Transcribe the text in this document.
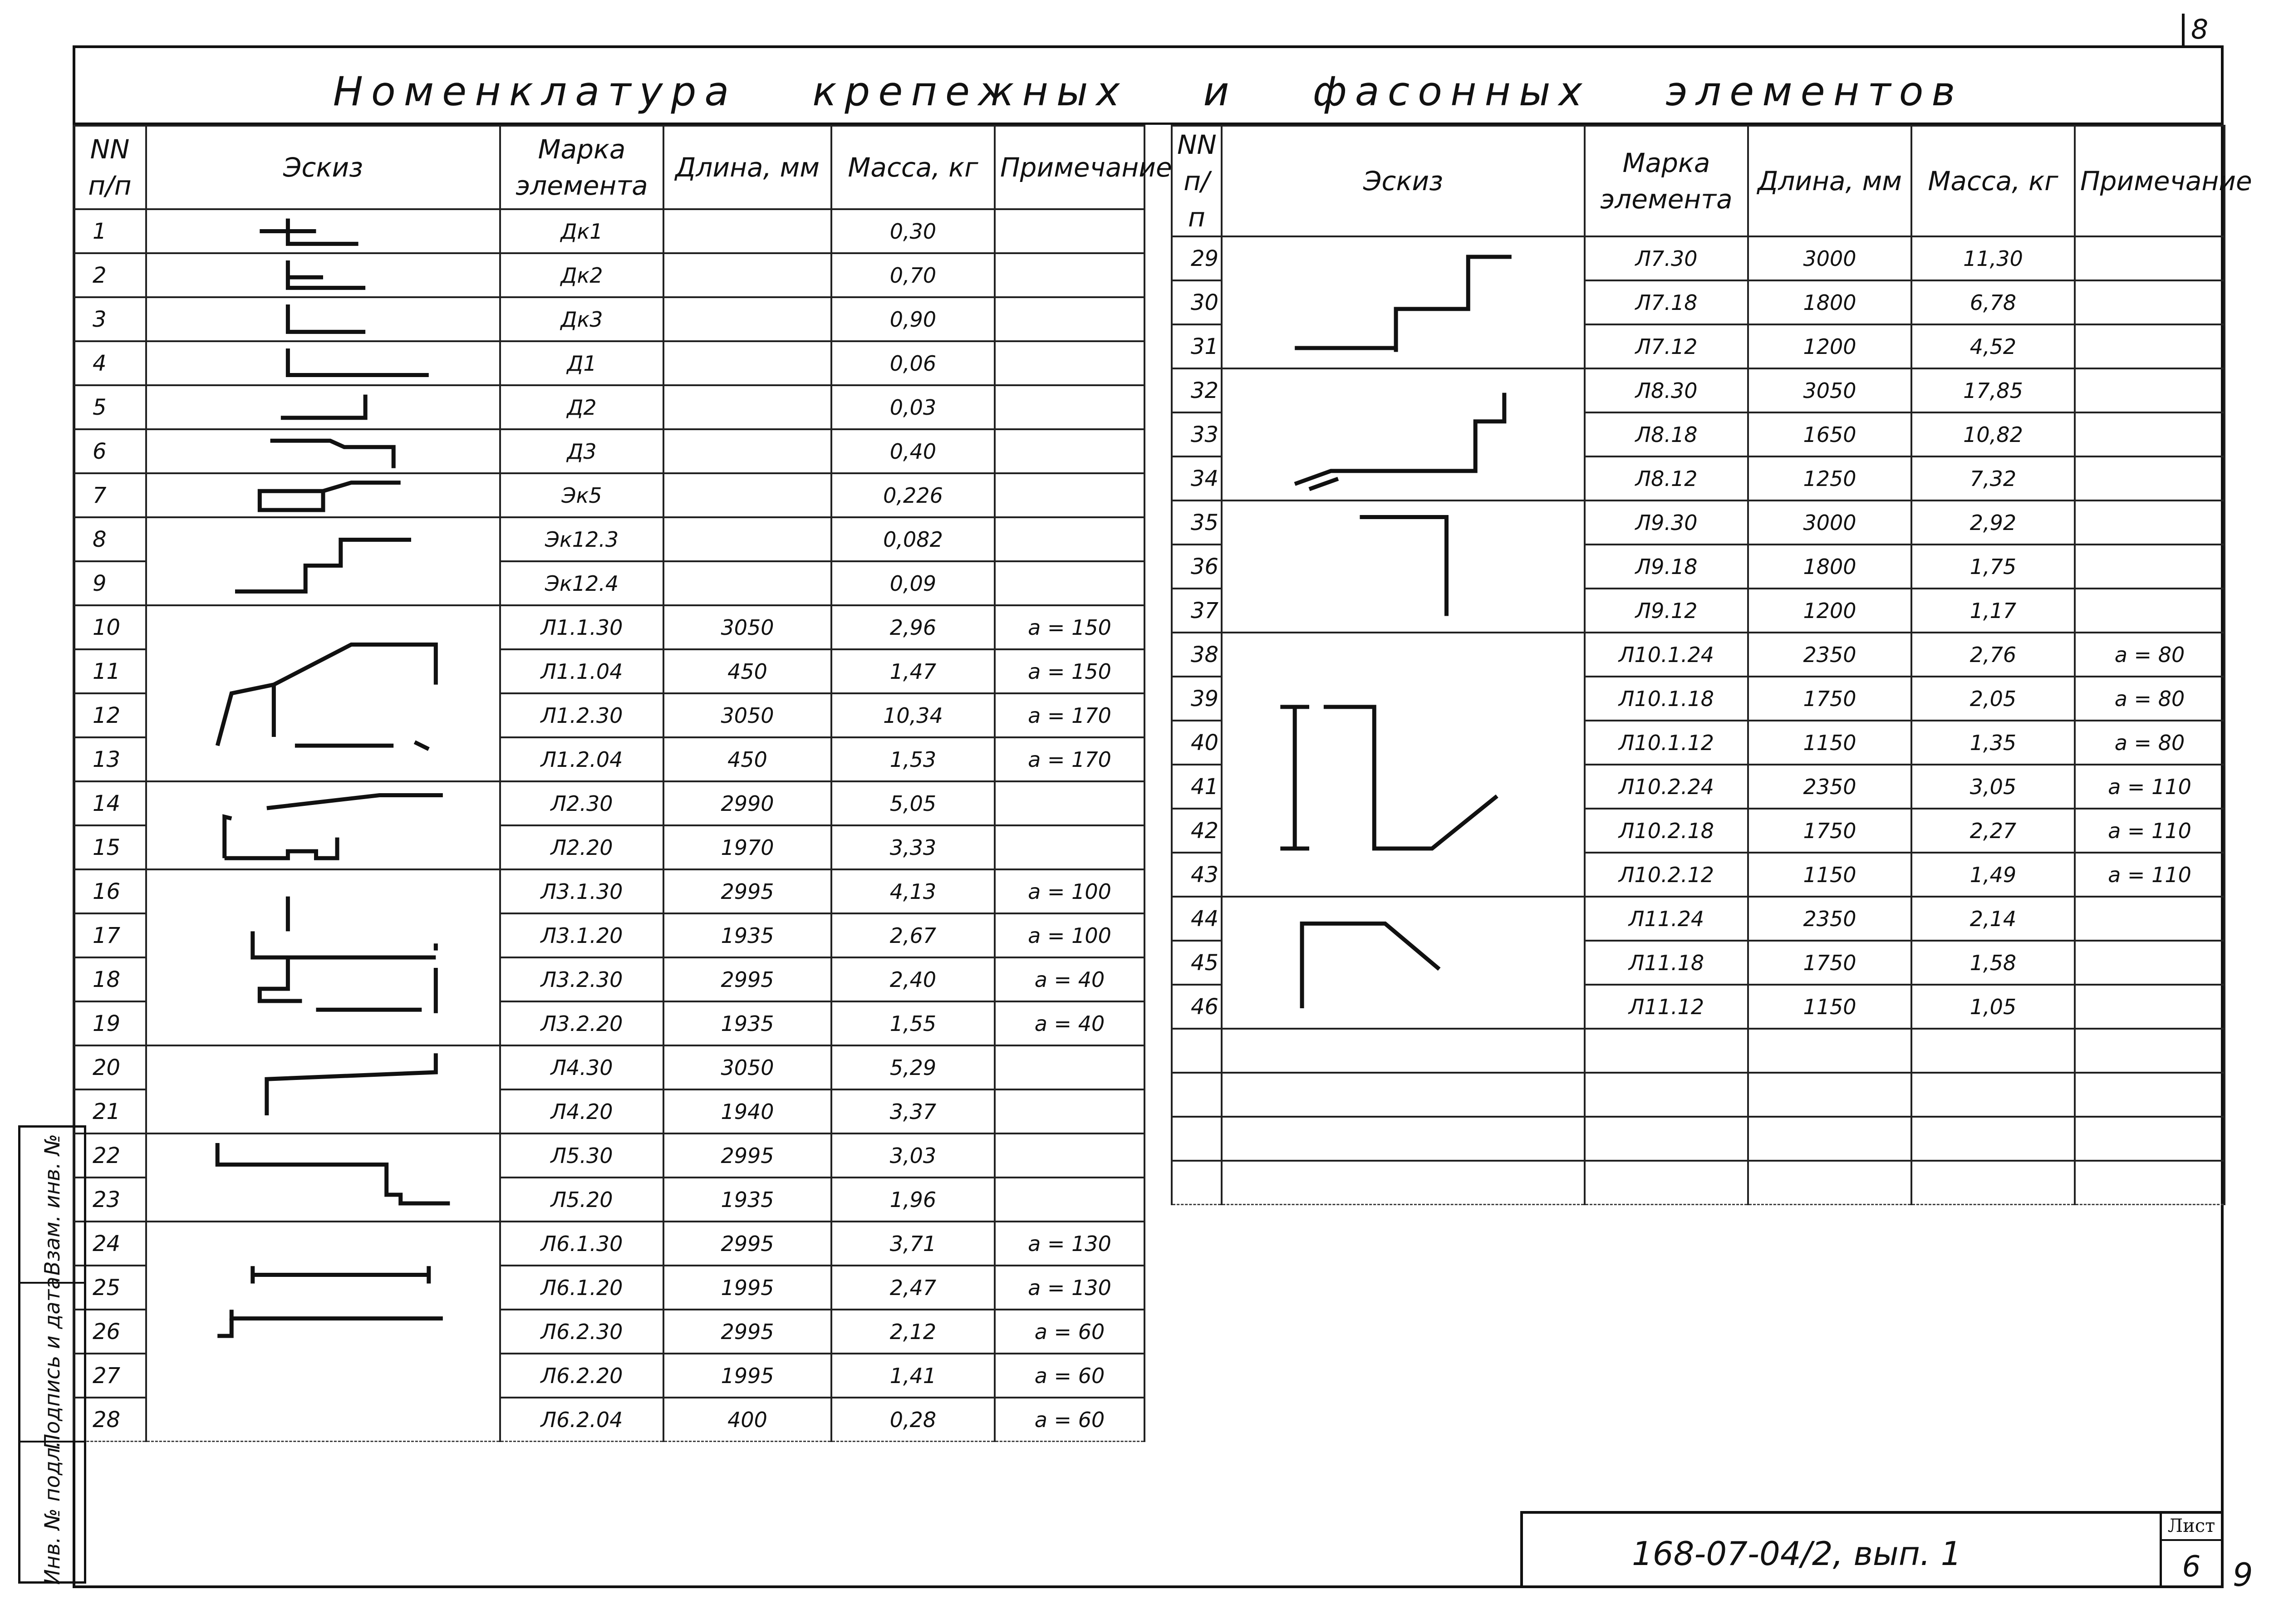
8
Номенклатура крепежных и фасонных элементов
NN п/п	Эскиз	Марка элемента	Длина, мм	Масса, кг	Примечание
1		Дк1		0,30	
2		Дк2		0,70	
3		Дк3		0,90	
4		Д1		0,06	
5		Д2		0,03	
6		Д3		0,40	
7		Эк5		0,226	
8		Эк12.3		0,082	
9		Эк12.4		0,09	
10		Л1.1.30	3050	2,96	а = 150
11		Л1.1.04	450	1,47	а = 150
12		Л1.2.30	3050	10,34	а = 170
13		Л1.2.04	450	1,53	а = 170
14		Л2.30	2990	5,05	
15		Л2.20	1970	3,33	
16		Л3.1.30	2995	4,13	а = 100
17		Л3.1.20	1935	2,67	а = 100
18		Л3.2.30	2995	2,40	а = 40
19		Л3.2.20	1935	1,55	а = 40
20		Л4.30	3050	5,29	
21		Л4.20	1940	3,37	
22		Л5.30	2995	3,03	
23		Л5.20	1935	1,96	
24		Л6.1.30	2995	3,71	а = 130
25		Л6.1.20	1995	2,47	а = 130
26		Л6.2.30	2995	2,12	а = 60
27		Л6.2.20	1995	1,41	а = 60
28		Л6.2.04	400	0,28	а = 60
NN п/п	Эскиз	Марка элемента	Длина, мм	Масса, кг	Примечание
29		Л7.30	3000	11,30	
30		Л7.18	1800	6,78	
31		Л7.12	1200	4,52	
32		Л8.30	3050	17,85	
33		Л8.18	1650	10,82	
34		Л8.12	1250	7,32	
35		Л9.30	3000	2,92	
36		Л9.18	1800	1,75	
37		Л9.12	1200	1,17	
38		Л10.1.24	2350	2,76	а = 80
39		Л10.1.18	1750	2,05	а = 80
40		Л10.1.12	1150	1,35	а = 80
41		Л10.2.24	2350	3,05	а = 110
42		Л10.2.18	1750	2,27	а = 110
43		Л10.2.12	1150	1,49	а = 110
44		Л11.24	2350	2,14	
45		Л11.18	1750	1,58	
46		Л11.12	1150	1,05	

Взам. инв. №
Подпись и дата
Инв. № подл.	168-07-04/2, вып. 1
Лист
6	9
